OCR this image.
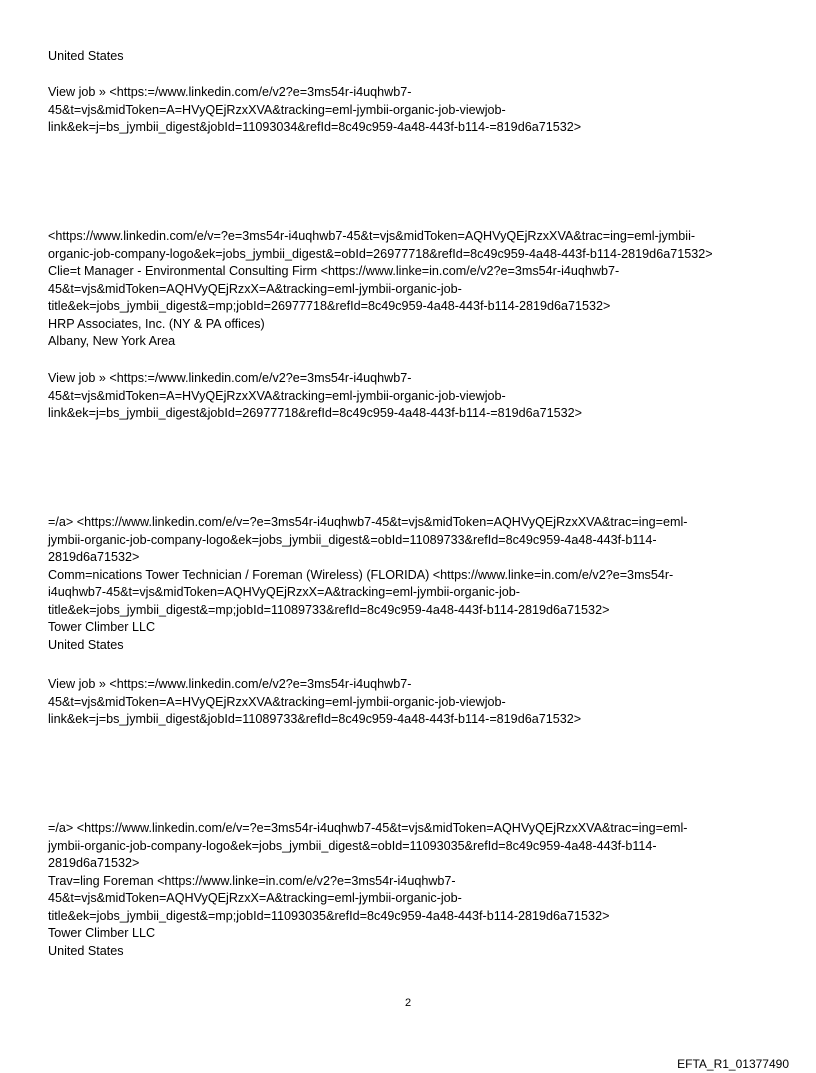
United States
View job » <https:=/www.linkedin.com/e/v2?e=3ms54r-i4uqhwb7-
45&t=vjs&midToken=A=HVyQEjRzxXVA&tracking=eml-jymbii-organic-job-viewjob-
link&ek=j=bs_jymbii_digest&jobId=11093034&refId=8c49c959-4a48-443f-b114-=819d6a71532>
<https://www.linkedin.com/e/v=?e=3ms54r-i4uqhwb7-45&t=vjs&midToken=AQHVyQEjRzxXVA&trac=ing=eml-jymbii-
organic-job-company-logo&ek=jobs_jymbii_digest&=obId=26977718&refId=8c49c959-4a48-443f-b114-2819d6a71532>
Clie=t Manager - Environmental Consulting Firm <https://www.linke=in.com/e/v2?e=3ms54r-i4uqhwb7-
45&t=vjs&midToken=AQHVyQEjRzxX=A&tracking=eml-jymbii-organic-job-
title&ek=jobs_jymbii_digest&=mp;jobId=26977718&refId=8c49c959-4a48-443f-b114-2819d6a71532>
HRP Associates, Inc. (NY & PA offices)
Albany, New York Area
View job » <https:=/www.linkedin.com/e/v2?e=3ms54r-i4uqhwb7-
45&t=vjs&midToken=A=HVyQEjRzxXVA&tracking=eml-jymbii-organic-job-viewjob-
link&ek=j=bs_jymbii_digest&jobId=26977718&refId=8c49c959-4a48-443f-b114-=819d6a71532>
=/a> <https://www.linkedin.com/e/v=?e=3ms54r-i4uqhwb7-45&t=vjs&midToken=AQHVyQEjRzxXVA&trac=ing=eml-
jymbii-organic-job-company-logo&ek=jobs_jymbii_digest&=obId=11089733&refId=8c49c959-4a48-443f-b114-
2819d6a71532>
Comm=nications Tower Technician / Foreman (Wireless) (FLORIDA) <https://www.linke=in.com/e/v2?e=3ms54r-
i4uqhwb7-45&t=vjs&midToken=AQHVyQEjRzxX=A&tracking=eml-jymbii-organic-job-
title&ek=jobs_jymbii_digest&=mp;jobId=11089733&refId=8c49c959-4a48-443f-b114-2819d6a71532>
Tower Climber LLC
United States
View job » <https:=/www.linkedin.com/e/v2?e=3ms54r-i4uqhwb7-
45&t=vjs&midToken=A=HVyQEjRzxXVA&tracking=eml-jymbii-organic-job-viewjob-
link&ek=j=bs_jymbii_digest&jobId=11089733&refId=8c49c959-4a48-443f-b114-=819d6a71532>
=/a> <https://www.linkedin.com/e/v=?e=3ms54r-i4uqhwb7-45&t=vjs&midToken=AQHVyQEjRzxXVA&trac=ing=eml-
jymbii-organic-job-company-logo&ek=jobs_jymbii_digest&=obId=11093035&refId=8c49c959-4a48-443f-b114-
2819d6a71532>
Trav=ling Foreman <https://www.linke=in.com/e/v2?e=3ms54r-i4uqhwb7-
45&t=vjs&midToken=AQHVyQEjRzxX=A&tracking=eml-jymbii-organic-job-
title&ek=jobs_jymbii_digest&=mp;jobId=11093035&refId=8c49c959-4a48-443f-b114-2819d6a71532>
Tower Climber LLC
United States
2
EFTA_R1_01377490
